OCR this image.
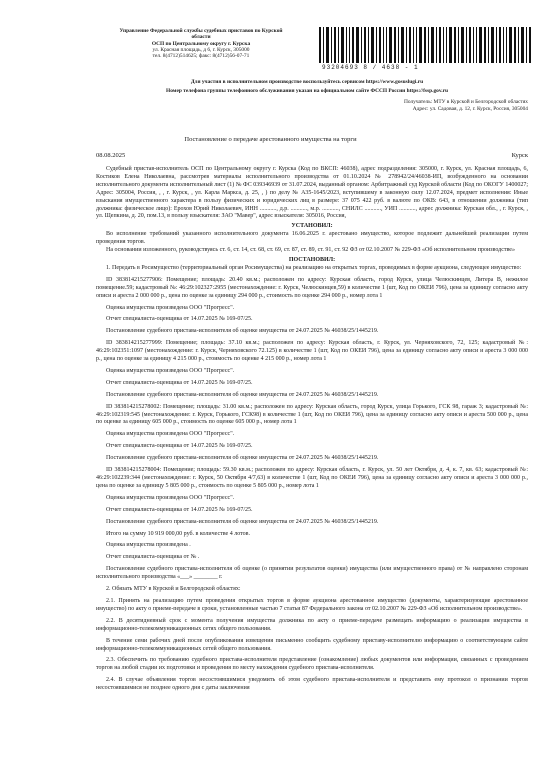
Управление Федеральной службы судебных приставов по Курской
области
ОСП по Центральному округу г. Курска
ул. Красная площадь, д 6, г. Курск, 305000
тел. 8(4712)514625; факс: 8(4712)56-07-71
93204693 8 / 4638 - 1
Для участия в исполнительном производстве воспользуйтесь сервисом https://www.gosuslugi.ru
Номер телефона группы телефонного обслуживания указан на официальном сайте ФССП России https://fssp.gov.ru
Получатель: МТУ в Курской и Белгородской областях
Адрес: ул. Садовая, д. 12, г. Курск, Россия, 305004
Постановление о передаче арестованного имущества на торги
08.08.2025	Курск

Судебный пристав-исполнитель ОСП по Центральному округу г. Курска (Код по ВКСП: 46038), адрес подразделения: 305000, г. Курск, ул. Красная площадь, 6, Костиков Елена Николаевна, рассмотрев материалы исполнительного производства от 01.10.2024 № 278942/24/46038-ИП, возбужденного на основании исполнительного документа исполнительный лист (1) № ФС 039346939 от 31.07.2024, выданный органом: Арбитражный суд Курской области (Код по ОКОГУ 1400027; Адрес: 305004, Россия, , , г. Курск, , ул. Карла Маркса, д. 25, , ) по делу № А35-1645/2023, вступившему в законную силу 12.07.2024, предмет исполнения: Иные взыскания имущественного характера в пользу физических и юридических лиц в размере: 37 075 422 руб. в валюте по ОКВ: 643, в отношении должника (тип должника: физическое лицо): Ерохов Юрий Николаевич, ИНН ..........., д.р. ..........., м.р. ..........., СНИЛС ..........., УИП ..........., адрес должника: Курская обл., , г. Курск, , ул. Щепкина, д. 20, пом.13, в пользу взыскателя: ЗАО "Мавер", адрес взыскателя: 305016, Россия,

УСТАНОВИЛ:

Во исполнение требований указанного исполнительного документа 16.06.2025 г. арестовано имущество, которое подлежит дальнейшей реализации путем проведения торгов.

На основании изложенного, руководствуясь ст. 6, ст. 14, ст. 68, ст. 69, ст. 87, ст. 89, ст. 91, ст. 92 ФЗ от 02.10.2007 № 229-ФЗ «Об исполнительном производстве»

ПОСТАНОВИЛ:

1. Передать в Росимущество (территориальный орган Росимущества) на реализацию на открытых торгах, проводимых в форме аукциона, следующее имущество:

ID 383814215277906: Помещение; площадь: 20.40 кв.м.; расположен по адресу: Курская область, город Курск, улица Челюскинцев, Литера В, нежилое помещение.59; кадастровый №: 46:29:102327:2955 (местонахождение: г. Курск, Челюскинцев,59) в количестве 1 (шт, Код по ОКЕИ 796), цена за единицу согласно акту описи и ареста 2 000 000 р., цена по оценке за единицу 294 000 р., стоимость по оценке 294 000 р., номер лота 1

Оценка имущества произведена ООО "Прогресс".

Отчет специалиста-оценщика от 14.07.2025 № 169-07/25.

Постановление судебного пристава-исполнителя об оценке имущества от 24.07.2025 № 46038/25/1445219.

ID 383814215277999: Помещение; площадь: 37.10 кв.м.; расположен по адресу: Курская область, г. Курск, ул. Черняховского, 72, 125; кадастровый №: 46:29:102351:1097 (местонахождение: г. Курск, Черняховского 72.125) в количестве 1 (шт, Код по ОКЕИ 796), цена за единицу согласно акту описи и ареста 3 000 000 р., цена по оценке за единицу 4 215 000 р., стоимость по оценке 4 215 000 р., номер лота 1

Оценка имущества произведена ООО "Прогресс".

Отчет специалиста-оценщика от 14.07.2025 № 169-07/25.

Постановление судебного пристава-исполнителя об оценке имущества от 24.07.2025 № 46038/25/1445219.

ID 383814215278002: Помещение; площадь: 31.00 кв.м.; расположен по адресу: Курская область, город Курск, улица Горького, ГСК 98, гараж 3; кадастровый №: 46:29:102319:545 (местонахождение: г. Курск, Горького, ГСК98) в количестве 1 (шт, Код по ОКЕИ 796), цена за единицу согласно акту описи и ареста 500 000 р., цена по оценке за единицу 605 000 р., стоимость по оценке 605 000 р., номер лота 1

Оценка имущества произведена ООО "Прогресс".

Отчет специалиста-оценщика от 14.07.2025 № 169-07/25.

Постановление судебного пристава-исполнителя об оценке имущества от 24.07.2025 № 46038/25/1445219.

ID 383814215278004: Помещение; площадь: 59.30 кв.м.; расположен по адресу: Курская область, г. Курск, ул. 50 лет Октября, д. 4, к. 7, кв. 63; кадастровый №: 46:29:102239:344 (местонахождение: г. Курск, 50 Октября 4/7,63) в количестве 1 (шт, Код по ОКЕИ 796), цена за единицу согласно акту описи и ареста 3 000 000 р., цена по оценке за единицу 5 805 000 р., стоимость по оценке 5 805 000 р., номер лота 1

Оценка имущества произведена ООО "Прогресс".

Отчет специалиста-оценщика от 14.07.2025 № 169-07/25.

Постановление судебного пристава-исполнителя об оценке имущества от 24.07.2025 № 46038/25/1445219.

Итого на сумму 10 919 000,00 руб. в количестве 4 лотов.

Оценка имущества произведена .

Отчет специалиста-оценщика от № .

Постановление судебного пристава-исполнителя об оценке (о принятии результатов оценки) имущества (или имущественного права) от № направлено сторонам исполнительного производства «___» ________ г.

2. Обязать МТУ в Курской и Белгородской областях:

2.1. Принять на реализацию путем проведения открытых торгов в форме аукциона арестованное имущество (документы, характеризующие арестованное имущество) по акту о приеме-передаче в сроки, установленные частью 7 статьи 87 Федерального закона от 02.10.2007 № 229-ФЗ «Об исполнительном производстве».

2.2. В десятидневный срок с момента получения имущества должника по акту о приеме-передаче размещать информацию о реализации имущества в информационно-телекоммуникационных сетях общего пользования.

В течение семи рабочих дней после опубликования извещения письменно сообщить судебному приставу-исполнителю информацию о соответствующем сайте информационно-телекоммуникационных сетей общего пользования.

2.3. Обеспечить по требованию судебного пристава-исполнителя представление (ознакомление) любых документов или информации, связанных с проведением торгов на любой стадии их подготовки и проведения по месту нахождения судебного пристава-исполнителя.

2.4. В случае объявления торгов несостоявшимися уведомить об этом судебного пристава-исполнителя и представить ему протокол о признании торгов несостоявшимися не позднее одного дня с даты заключения
